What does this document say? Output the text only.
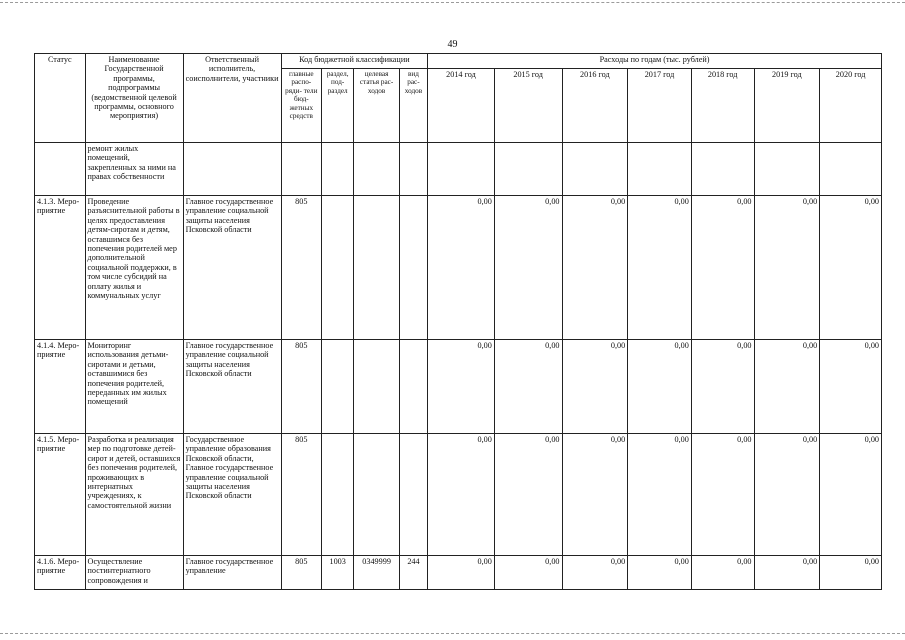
49
Статус	Наименование Государственной программы, подпрограммы (ведомственной целевой программы, основного мероприятия)	Ответственный исполнитель, соисполнители, участники	Код бюджетной классификации				Расходы по годам (тыс. рублей)						
			главные распо- ряди- тели бюд- жетных средств	раздел, под- раздел	целевая статья рас- ходов	вид рас- ходов	2014 год	2015 год	2016 год	2017 год	2018 год	2019 год	2020 год
	ремонт жилых помещений, закрепленных за ними на правах собственности												
4.1.3. Меро- приятие	Проведение разъяснительной работы в целях предоставления детям-сиротам и детям, оставшимся без попечения родителей мер дополнительной социальной поддержки, в том числе субсидий на оплату жилья и коммунальных услуг	Главное государственное управление социальной защиты населения Псковской области	805				0,00	0,00	0,00	0,00	0,00	0,00	0,00
4.1.4. Меро- приятие	Мониторинг использования детьми-сиротами и детьми, оставшимися без попечения родителей, переданных им жилых помещений	Главное государственное управление социальной защиты населения Псковской области	805				0,00	0,00	0,00	0,00	0,00	0,00	0,00
4.1.5. Меро- приятие	Разработка и реализация мер по подготовке детей-сирот и детей, оставшихся без попечения родителей, проживающих в интернатных учреждениях, к самостоятельной жизни	Государственное управление образования Псковской области, Главное государственное управление социальной защиты населения Псковской области	805				0,00	0,00	0,00	0,00	0,00	0,00	0,00
4.1.6. Меро- приятие	Осуществление постинтернатного сопровождения и	Главное государственное управление	805	1003	0349999	244	0,00	0,00	0,00	0,00	0,00	0,00	0,00
